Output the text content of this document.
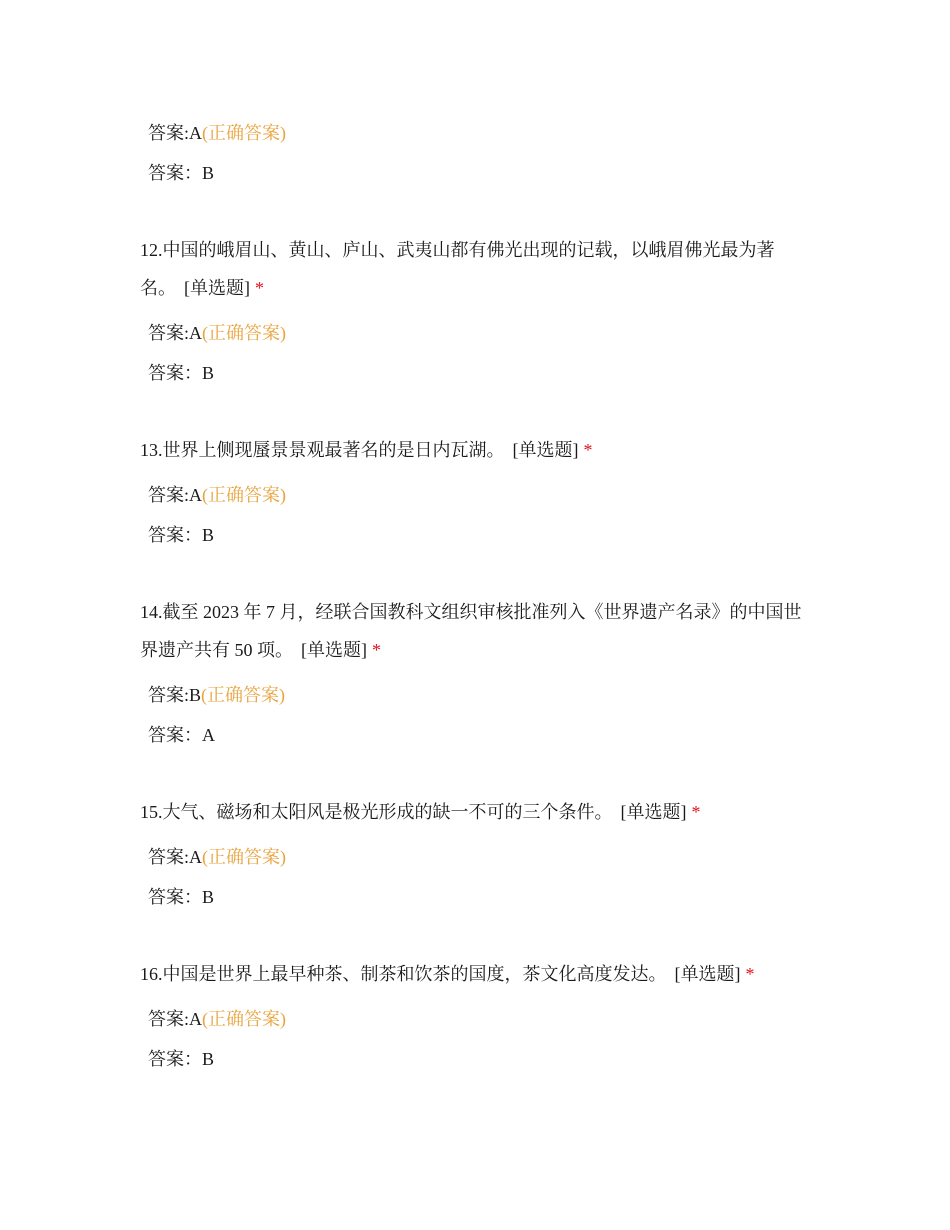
答案:A(正确答案)
答案：B

12.中国的峨眉山、黄山、庐山、武夷山都有佛光出现的记载，以峨眉佛光最为著名。 [单选题] *

答案:A(正确答案)
答案：B

13.世界上侧现蜃景景观最著名的是日内瓦湖。 [单选题] *

答案:A(正确答案)
答案：B

14.截至 2023 年 7 月，经联合国教科文组织审核批准列入《世界遗产名录》的中国世界遗产共有 50 项。 [单选题] *

答案:B(正确答案)
答案：A

15.大气、磁场和太阳风是极光形成的缺一不可的三个条件。 [单选题] *

答案:A(正确答案)
答案：B

16.中国是世界上最早种茶、制茶和饮茶的国度，茶文化高度发达。 [单选题] *

答案:A(正确答案)
答案：B
